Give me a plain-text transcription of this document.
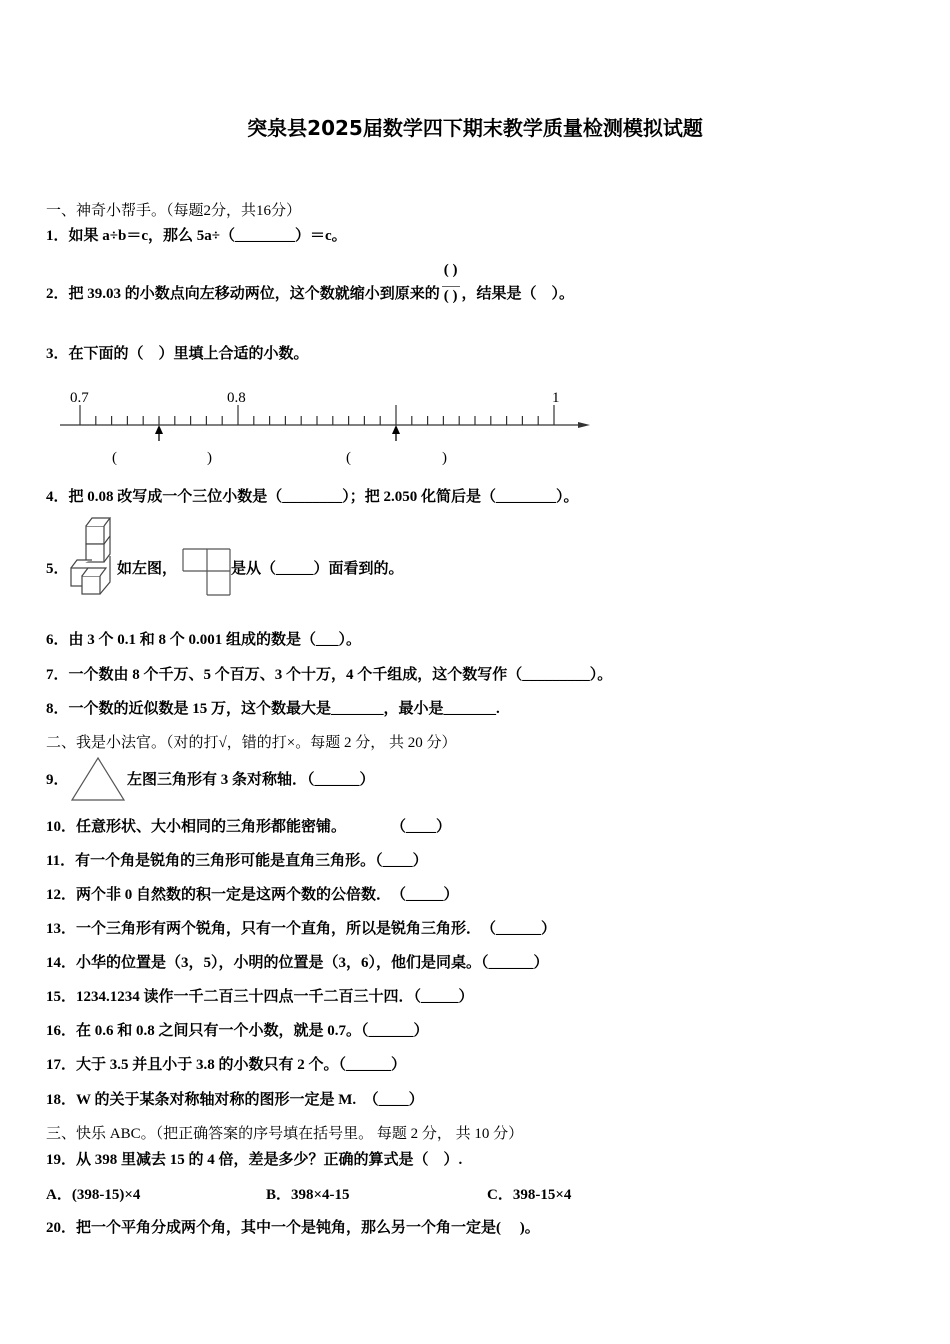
突泉县2025届数学四下期末教学质量检测模拟试题
一、神奇小帮手。（每题2分，共16分）
1．如果 a÷b＝c，那么 5a÷（________）＝c。
2．把 39.03 的小数点向左移动两位，这个数就缩小到原来的 $\frac{( )}{( )}$ ，结果是（　）。
3．在下面的（　）里填上合适的小数。
0.7	0.8	1
(	)	(	)
4．把 0.08 改写成一个三位小数是（________）；把 2.050 化简后是（________）。
5．	如左图，	是从（_____）面看到的。
6．由 3 个 0.1 和 8 个 0.001 组成的数是（___）。
7．一个数由 8 个千万、5 个百万、3 个十万，4 个千组成，这个数写作（_________）。
8．一个数的近似数是 15 万，这个数最大是_______，最小是_______.
二、我是小法官。（对的打√，错的打×。每题 2 分， 共 20 分）
9．	左图三角形有 3 条对称轴．（______）
10．任意形状、大小相同的三角形都能密铺。　　　　（____）
11．有一个角是锐角的三角形可能是直角三角形。（____）
12．两个非 0 自然数的积一定是这两个数的公倍数．　（_____）
13．一个三角形有两个锐角，只有一个直角，所以是锐角三角形．　（______）
14．小华的位置是（3，5），小明的位置是（3，6），他们是同桌。（______）
15．1234.1234 读作一千二百三十四点一千二百三十四．（_____）
16．在 0.6 和 0.8 之间只有一个小数，就是 0.7。（______）
17．大于 3.5 并且小于 3.8 的小数只有 2 个。（______）
18．W 的关于某条对称轴对称的图形一定是 M.　（____）
三、快乐 ABC。（把正确答案的序号填在括号里。 每题 2 分， 共 10 分）
19．从 398 里减去 15 的 4 倍，差是多少？正确的算式是（　）.
A．(398-15)×4	B．398×4-15	C．398-15×4
20．把一个平角分成两个角，其中一个是钝角，那么另一个角一定是(　 )。
